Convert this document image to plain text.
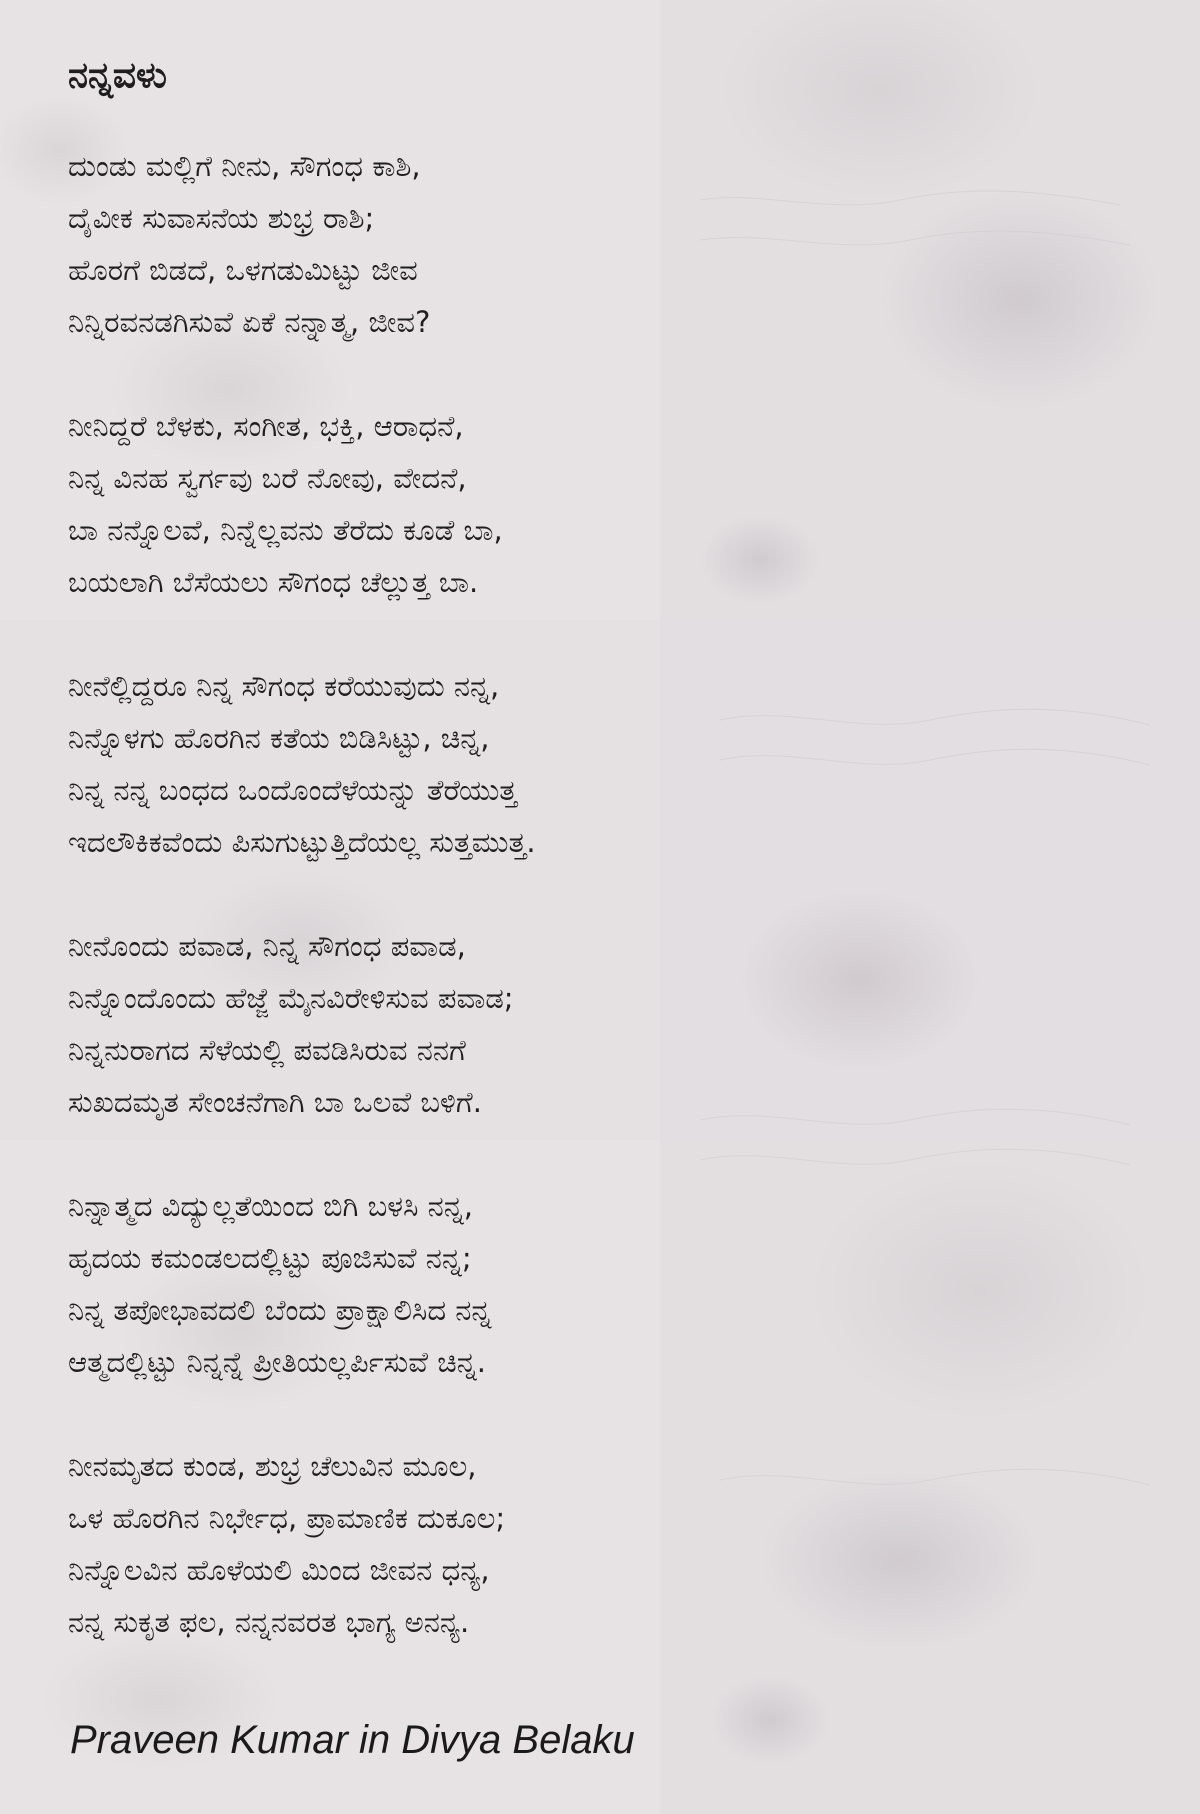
ನನ್ನವಳು
ದುಂಡು ಮಲ್ಲಿಗೆ ನೀನು, ಸೌಗಂಧ ಕಾಶಿ,
ದೈವೀಕ ಸುವಾಸನೆಯ ಶುಭ್ರ ರಾಶಿ;
ಹೊರಗೆ ಬಿಡದೆ, ಒಳಗಡುಮಿಟ್ಟು ಜೀವ
ನಿನ್ನಿರವನಡಗಿಸುವೆ ಏಕೆ ನನ್ನಾತ್ಮ, ಜೀವ?
ನೀನಿದ್ದರೆ ಬೆಳಕು, ಸಂಗೀತ, ಭಕ್ತಿ, ಆರಾಧನೆ,
ನಿನ್ನ ವಿನಹ ಸ್ವರ್ಗವು ಬರೆ ನೋವು, ವೇದನೆ,
ಬಾ ನನ್ನೊಲವೆ, ನಿನ್ನೆಲ್ಲವನು ತೆರೆದು ಕೂಡೆ ಬಾ,
ಬಯಲಾಗಿ ಬೆಸೆಯಲು ಸೌಗಂಧ ಚೆಲ್ಲುತ್ತ ಬಾ.
ನೀನೆಲ್ಲಿದ್ದರೂ ನಿನ್ನ ಸೌಗಂಧ ಕರೆಯುವುದು ನನ್ನ,
ನಿನ್ನೊಳಗು ಹೊರಗಿನ ಕತೆಯ ಬಿಡಿಸಿಟ್ಟು, ಚಿನ್ನ,
ನಿನ್ನ ನನ್ನ ಬಂಧದ ಒಂದೊಂದೆಳೆಯನ್ನು ತೆರೆಯುತ್ತ
ಇದಲೌಕಿಕವೆಂದು ಪಿಸುಗುಟ್ಟುತ್ತಿದೆಯಲ್ಲ ಸುತ್ತಮುತ್ತ.
ನೀನೊಂದು ಪವಾಡ, ನಿನ್ನ ಸೌಗಂಧ ಪವಾಡ,
ನಿನ್ನೊಂದೊಂದು ಹೆಜ್ಜೆ ಮೈನವಿರೇಳಿಸುವ ಪವಾಡ;
ನಿನ್ನನುರಾಗದ ಸೆಳೆಯಲ್ಲಿ ಪವಡಿಸಿರುವ ನನಗೆ
ಸುಖದಮೃತ ಸೇಂಚನೆಗಾಗಿ ಬಾ ಒಲವೆ ಬಳಿಗೆ.
ನಿನ್ನಾತ್ಮದ ವಿದ್ಯುಲ್ಲತೆಯಿಂದ ಬಿಗಿ ಬಳಸಿ ನನ್ನ,
ಹೃದಯ ಕಮಂಡಲದಲ್ಲಿಟ್ಟು ಪೂಜಿಸುವೆ ನನ್ನ;
ನಿನ್ನ ತಪೋಭಾವದಲಿ ಬೆಂದು ಪ್ರಾಕ್ಷಾಲಿಸಿದ ನನ್ನ
ಆತ್ಮದಲ್ಲಿಟ್ಟು ನಿನ್ನನ್ನೆ ಪ್ರೀತಿಯಲ್ಲರ್ಪಿಸುವೆ ಚಿನ್ನ.
ನೀನಮೃತದ ಕುಂಡ, ಶುಭ್ರ ಚೆಲುವಿನ ಮೂಲ,
ಒಳ ಹೊರಗಿನ ನಿರ್ಭೇಧ, ಪ್ರಾಮಾಣಿಕ ದುಕೂಲ;
ನಿನ್ನೊಲವಿನ ಹೊಳೆಯಲಿ ಮಿಂದ ಜೀವನ ಧನ್ಯ,
ನನ್ನ ಸುಕೃತ ಫಲ, ನನ್ನನವರತ ಭಾಗ್ಯ ಅನನ್ಯ.
Praveen Kumar in Divya Belaku
